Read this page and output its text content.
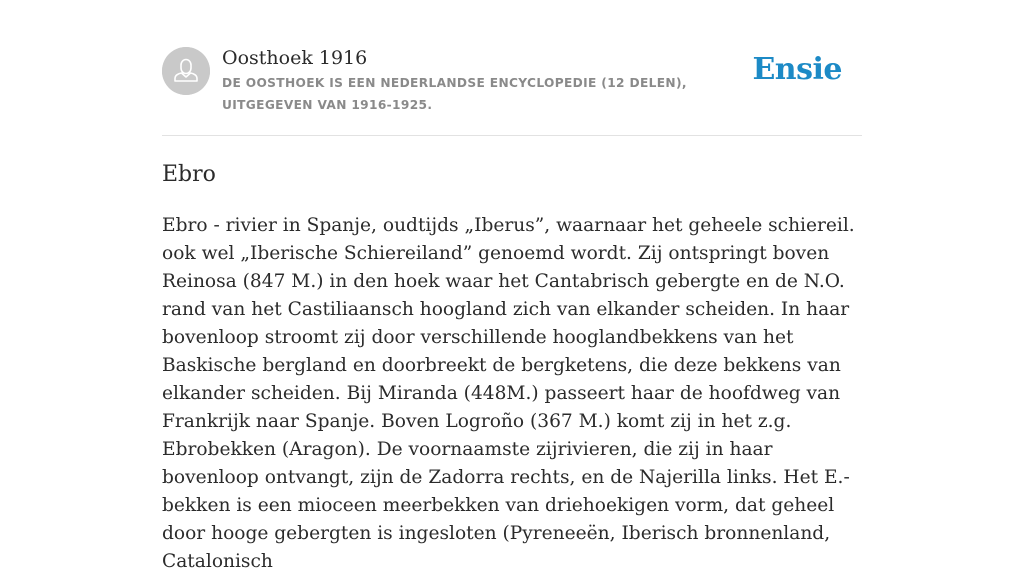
Oosthoek 1916
DE OOSTHOEK IS EEN NEDERLANDSE ENCYCLOPEDIE (12 DELEN), UITGEGEVEN VAN 1916-1925.
Ensie
Ebro

Ebro - rivier in Spanje, oudtijds „Iberus”, waarnaar het geheele schiereil. ook wel „Iberische Schiereiland” genoemd wordt. Zij ontspringt boven Reinosa (847 M.) in den hoek waar het Cantabrisch gebergte en de N.O. rand van het Castiliaansch hoogland zich van elkander scheiden. In haar bovenloop stroomt zij door verschillende hooglandbekkens van het Baskische bergland en doorbreekt de bergketens, die deze bekkens van elkander scheiden. Bij Miranda (448M.) passeert haar de hoofdweg van Frankrijk naar Spanje. Boven Logroño (367 M.) komt zij in het z.g. Ebrobekken (Aragon). De voornaamste zijrivieren, die zij in haar bovenloop ontvangt, zijn de Zadorra rechts, en de Najerilla links. Het E.-bekken is een mioceen meerbekken van driehoekigen vorm, dat geheel door hooge gebergten is ingesloten (Pyreneeën, Iberisch bronnenland, Catalonisch
